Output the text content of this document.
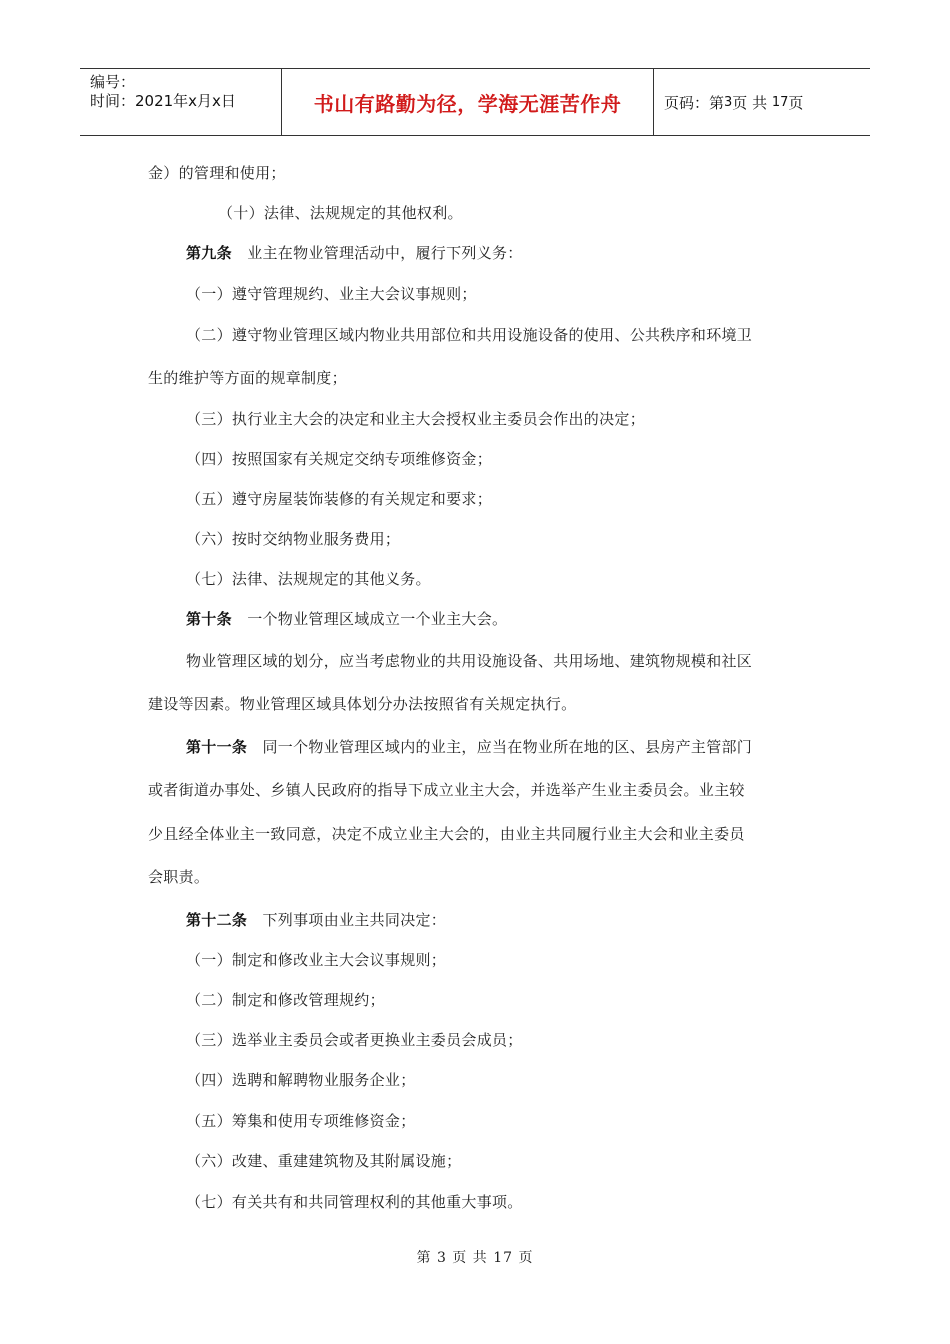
编号：
时间：2021年x月x日	书山有路勤为径，学海无涯苦作舟	页码：第 3 页 共
17 页
金）的管理和使用；
（十）法律、法规规定的其他权利。
第九条　业主在物业管理活动中，履行下列义务：
（一）遵守管理规约、业主大会议事规则；
（二）遵守物业管理区域内物业共用部位和共用设施设备的使用、公共秩序和环境卫
生的维护等方面的规章制度；
（三）执行业主大会的决定和业主大会授权业主委员会作出的决定；
（四）按照国家有关规定交纳专项维修资金；
（五）遵守房屋装饰装修的有关规定和要求；
（六）按时交纳物业服务费用；
（七）法律、法规规定的其他义务。
第十条　一个物业管理区域成立一个业主大会。
物业管理区域的划分，应当考虑物业的共用设施设备、共用场地、建筑物规模和社区
建设等因素。物业管理区域具体划分办法按照省有关规定执行。
第十一条　同一个物业管理区域内的业主，应当在物业所在地的区、县房产主管部门
或者街道办事处、乡镇人民政府的指导下成立业主大会，并选举产生业主委员会。业主较
少且经全体业主一致同意，决定不成立业主大会的，由业主共同履行业主大会和业主委员
会职责。
第十二条　下列事项由业主共同决定：
（一）制定和修改业主大会议事规则；
（二）制定和修改管理规约；
（三）选举业主委员会或者更换业主委员会成员；
（四）选聘和解聘物业服务企业；
（五）筹集和使用专项维修资金；
（六）改建、重建建筑物及其附属设施；
（七）有关共有和共同管理权利的其他重大事项。
第 3 页 共 17 页
